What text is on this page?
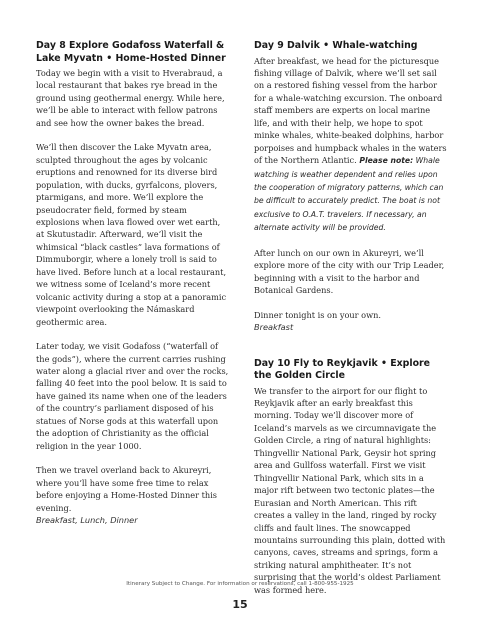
Day 8 Explore Godafoss Waterfall & Lake Myvatn • Home-Hosted Dinner

Today we begin with a visit to Hverabraud, a local restaurant that bakes rye bread in the ground using geothermal energy. While here, we’ll be able to interact with fellow patrons and see how the owner bakes the bread.

We’ll then discover the Lake Myvatn area, sculpted throughout the ages by volcanic eruptions and renowned for its diverse bird population, with ducks, gyrfalcons, plovers, ptarmigans, and more. We’ll explore the pseudocrater field, formed by steam explosions when lava flowed over wet earth, at Skutustadir. Afterward, we’ll visit the whimsical “black castles” lava formations of Dimmuborgir, where a lonely troll is said to have lived. Before lunch at a local restaurant, we witness some of Iceland’s more recent volcanic activity during a stop at a panoramic viewpoint overlooking the Námaskard geothermic area.

Later today, we visit Godafoss (“waterfall of the gods”), where the current carries rushing water along a glacial river and over the rocks, falling 40 feet into the pool below. It is said to have gained its name when one of the leaders of the country’s parliament disposed of his statues of Norse gods at this waterfall upon the adoption of Christianity as the official religion in the year 1000.

Then we travel overland back to Akureyri, where you’ll have some free time to relax before enjoying a Home-Hosted Dinner this evening.

Breakfast, Lunch, Dinner

Day 9 Dalvik • Whale-watching

After breakfast, we head for the picturesque fishing village of Dalvik, where we’ll set sail on a restored fishing vessel from the harbor for a whale-watching excursion. The onboard staff members are experts on local marine life, and with their help, we hope to spot minke whales, white-beaked dolphins, harbor porpoises and humpback whales in the waters of the Northern Atlantic. Please note: Whale watching is weather dependent and relies upon the cooperation of migratory patterns, which can be difficult to accurately predict. The boat is not exclusive to O.A.T. travelers. If necessary, an alternate activity will be provided.

After lunch on our own in Akureyri, we’ll explore more of the city with our Trip Leader, beginning with a visit to the harbor and Botanical Gardens.

Dinner tonight is on your own.

Breakfast

Day 10 Fly to Reykjavik • Explore the Golden Circle

We transfer to the airport for our flight to Reykjavik after an early breakfast this morning. Today we’ll discover more of Iceland’s marvels as we circumnavigate the Golden Circle, a ring of natural highlights: Thingvellir National Park, Geysir hot spring area and Gullfoss waterfall. First we visit Thingvellir National Park, which sits in a major rift between two tectonic plates—the Eurasian and North American. This rift creates a valley in the land, ringed by rocky cliffs and fault lines. The snowcapped mountains surrounding this plain, dotted with canyons, caves, streams and springs, form a striking natural amphitheater. It’s not surprising that the world’s oldest Parliament was formed here.

Itinerary Subject to Change. For information or reservations, call 1-800-955-1925
15
